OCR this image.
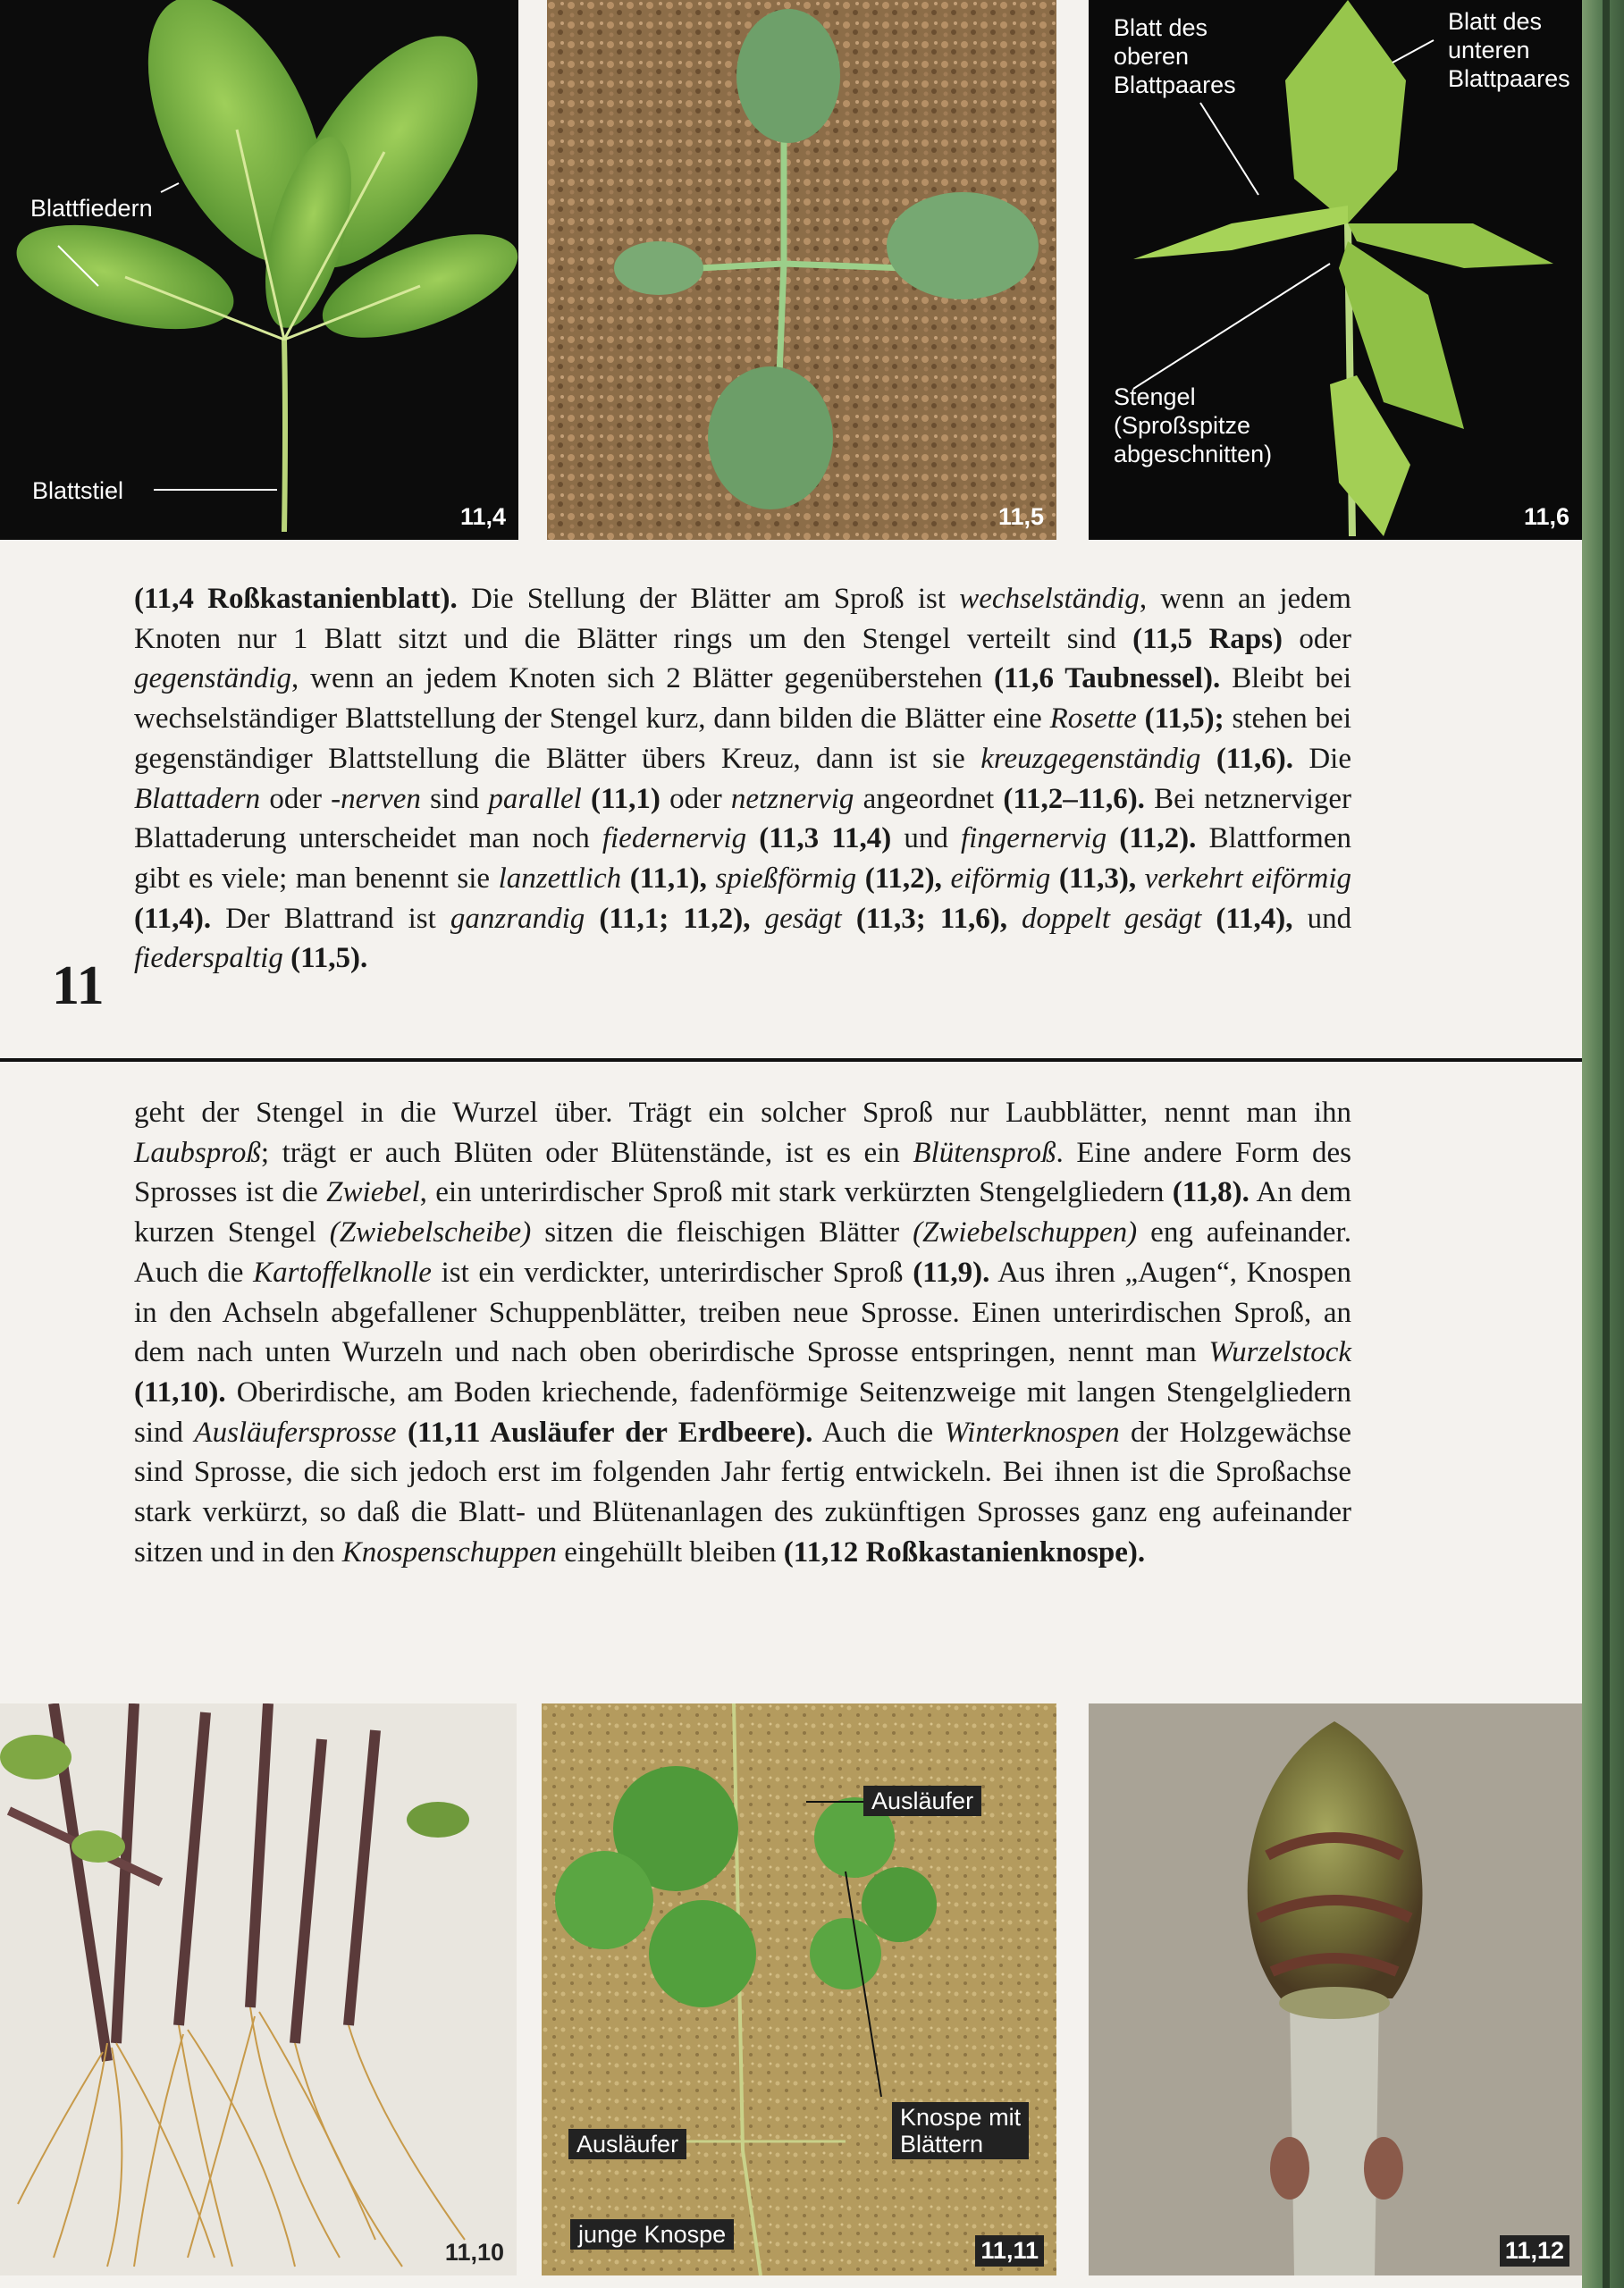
Blattfiedern
Blattstiel
11,4	11,5
Blatt des
oberen
Blattpaares
Blatt des
unteren
Blattpaares
Stengel
(Sproßspitze
abgeschnitten)
11,6

(11,4 Roßkastanienblatt). Die Stellung der Blätter am Sproß ist wechselständig, wenn an jedem Knoten nur 1 Blatt sitzt und die Blätter rings um den Stengel verteilt sind (11,5 Raps) oder gegenständig, wenn an jedem Knoten sich 2 Blätter gegenüberstehen (11,6 Taubnessel). Bleibt bei wechselständiger Blattstellung der Stengel kurz, dann bilden die Blätter eine Rosette (11,5); stehen bei gegenständiger Blattstellung die Blätter übers Kreuz, dann ist sie kreuzgegenständig (11,6). Die Blattadern oder -nerven sind parallel (11,1) oder netznervig angeordnet (11,2–11,6). Bei netznerviger Blattaderung unterscheidet man noch fiedernervig (11,3 11,4) und fingernervig (11,2). Blattformen gibt es viele; man benennt sie lanzettlich (11,1), spießförmig (11,2), eiförmig (11,3), verkehrt eiförmig (11,4). Der Blattrand ist ganzrandig (11,1; 11,2), gesägt (11,3; 11,6), doppelt gesägt (11,4), und fiederspaltig (11,5).

11

geht der Stengel in die Wurzel über. Trägt ein solcher Sproß nur Laubblätter, nennt man ihn Laubsproß; trägt er auch Blüten oder Blütenstände, ist es ein Blütensproß. Eine andere Form des Sprosses ist die Zwiebel, ein unterirdischer Sproß mit stark verkürzten Stengelgliedern (11,8). An dem kurzen Stengel (Zwiebelscheibe) sitzen die fleischigen Blätter (Zwiebelschuppen) eng aufeinander. Auch die Kartoffelknolle ist ein verdickter, unterirdischer Sproß (11,9). Aus ihren „Augen“, Knospen in den Achseln abgefallener Schuppenblätter, treiben neue Sprosse. Einen unterirdischen Sproß, an dem nach unten Wurzeln und nach oben oberirdische Sprosse entspringen, nennt man Wurzelstock (11,10). Oberirdische, am Boden kriechende, fadenförmige Seitenzweige mit langen Stengelgliedern sind Ausläufersprosse (11,11 Ausläufer der Erdbeere). Auch die Winterknospen der Holzgewächse sind Sprosse, die sich jedoch erst im folgenden Jahr fertig entwickeln. Bei ihnen ist die Sproßachse stark verkürzt, so daß die Blatt- und Blütenanlagen des zukünftigen Sprosses ganz eng aufeinander sitzen und in den Knospenschuppen eingehüllt bleiben (11,12 Roßkastanienknospe).

11,10
Ausläufer
Ausläufer
Knospe mit
Blättern
junge Knospe
11,11	11,12
